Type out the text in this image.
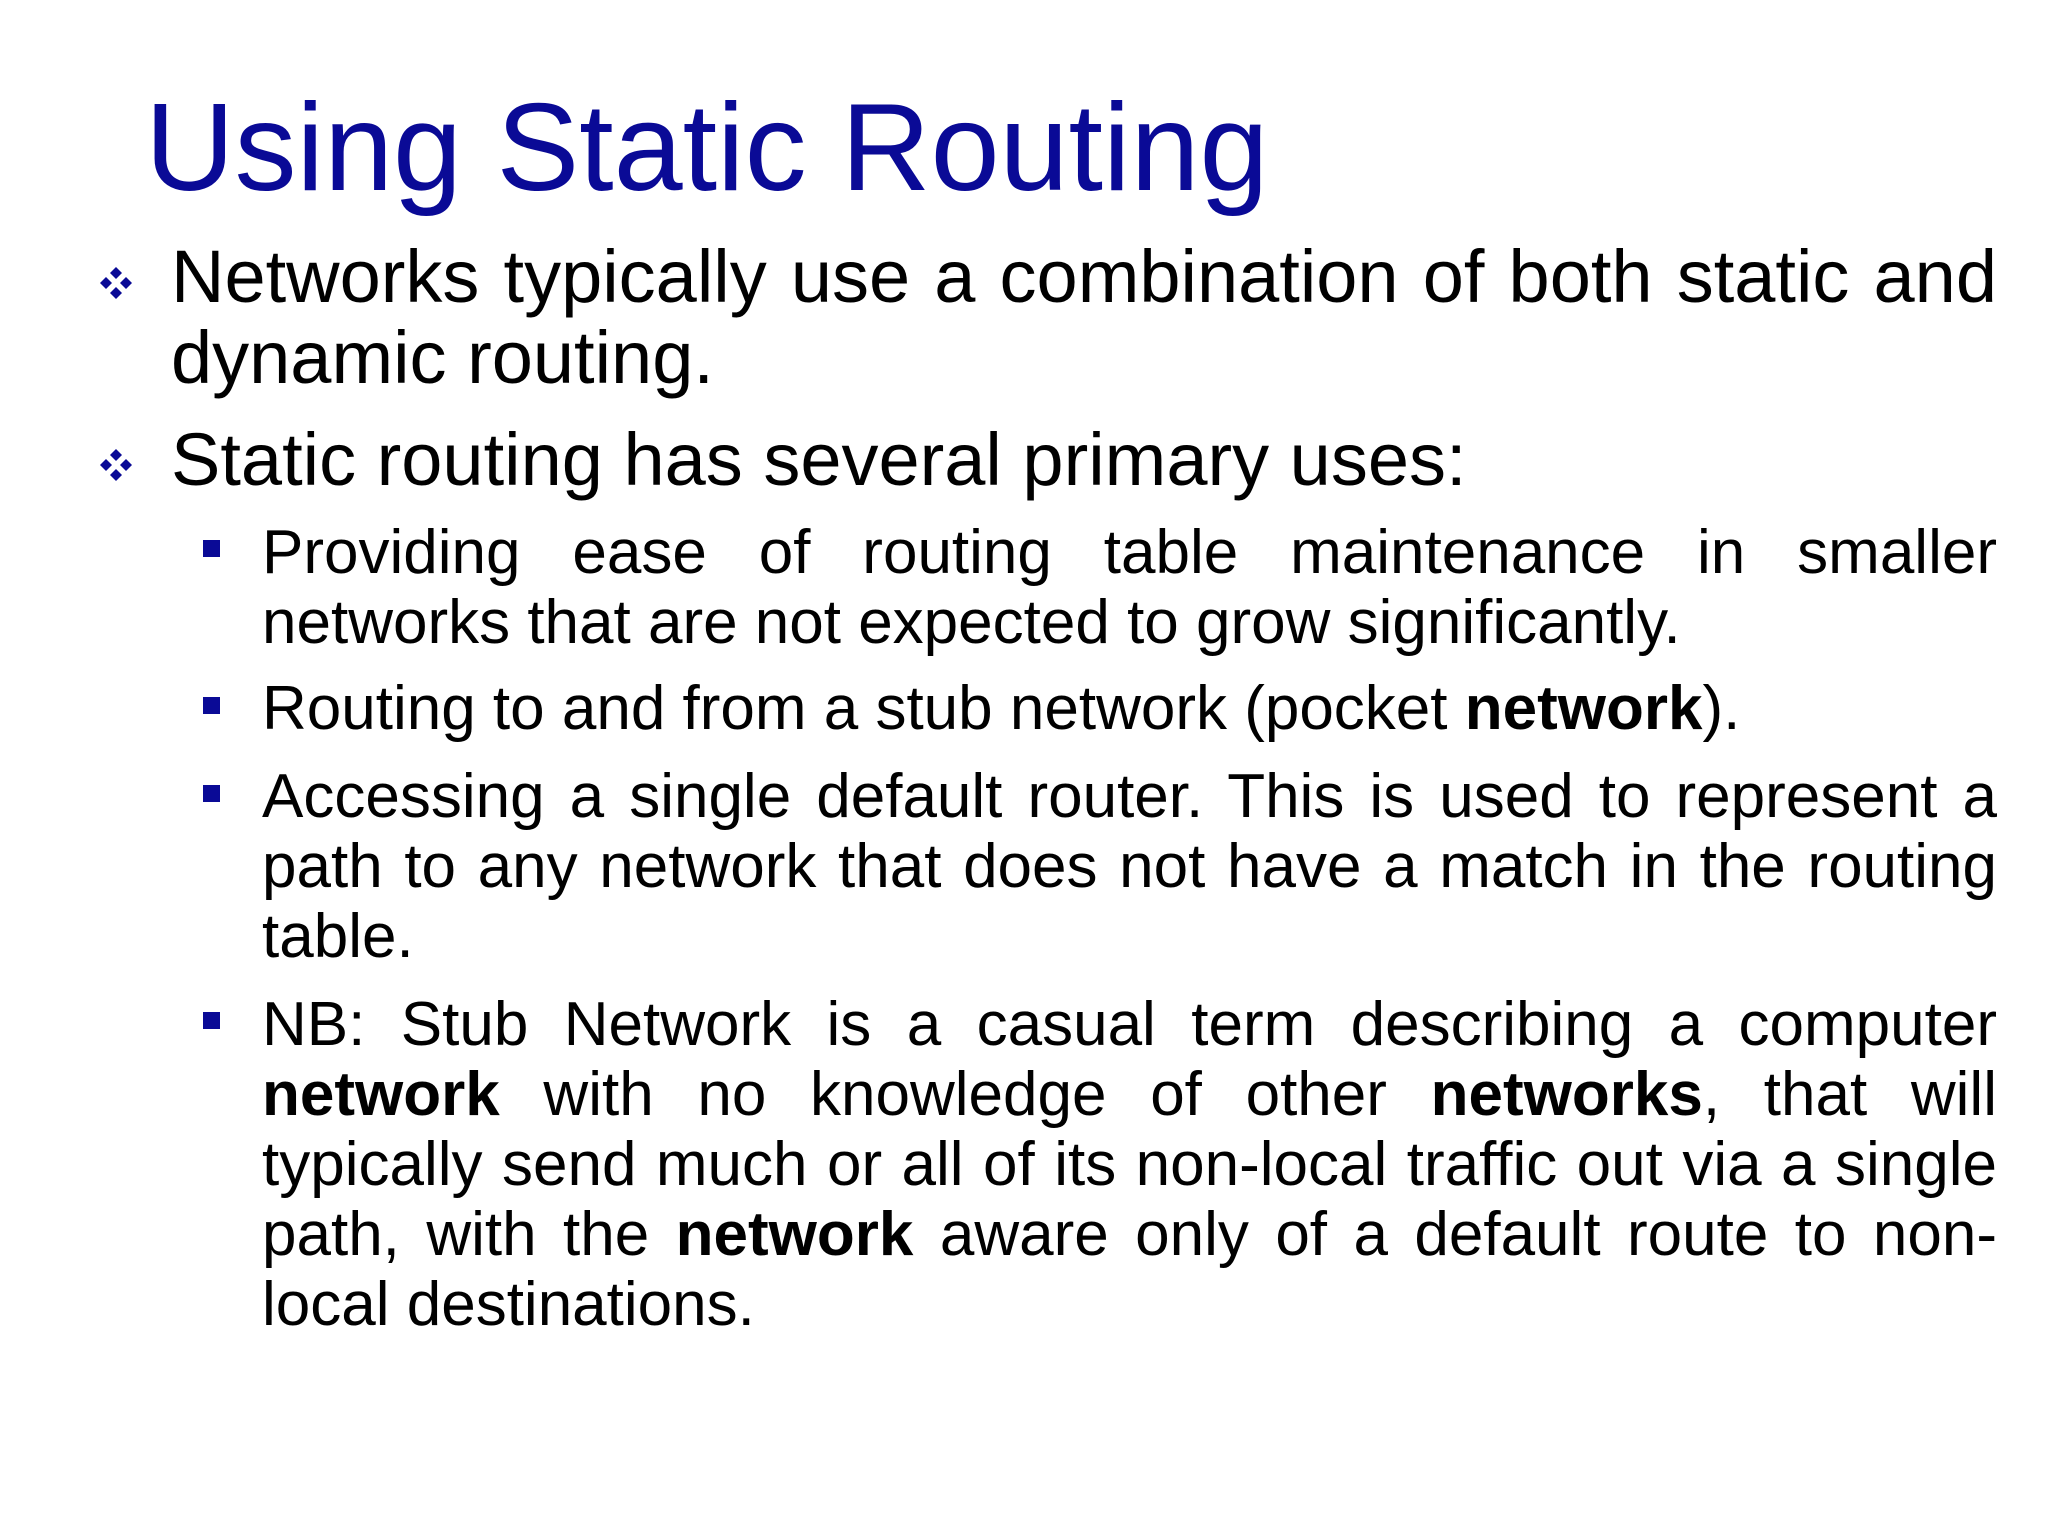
Using Static Routing

Networks typically use a combination of both static and dynamic routing.

Static routing has several primary uses:

Providing ease of routing table maintenance in smaller networks that are not expected to grow significantly.

Routing to and from a stub network (pocket network).

Accessing a single default router. This is used to represent a path to any network that does not have a match in the routing table.

NB: Stub Network is a casual term describing a computer network with no knowledge of other networks, that will typically send much or all of its non-local traffic out via a single path, with the network aware only of a default route to non-local destinations.
